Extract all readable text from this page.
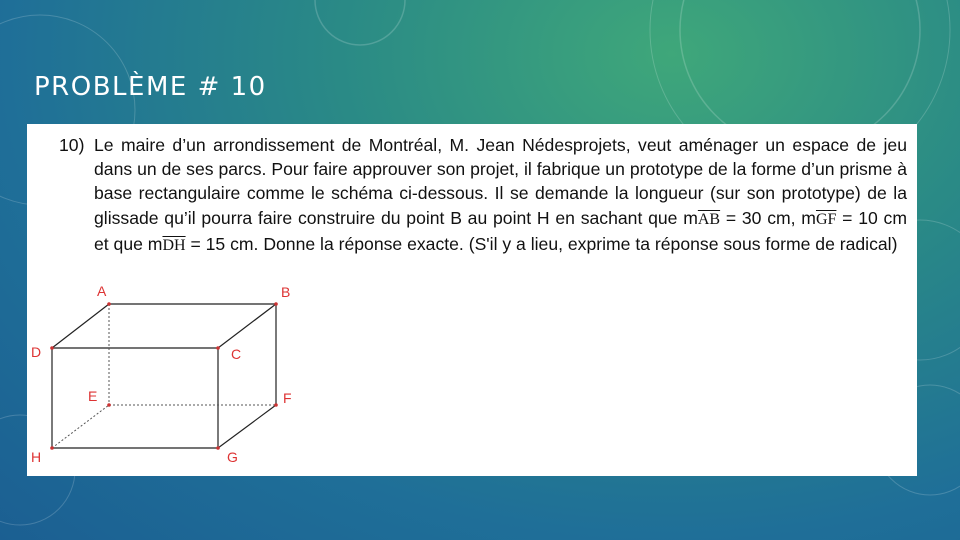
PROBLÈME # 10
10) Le maire d’un arrondissement de Montréal, M. Jean Nédesprojets, veut aménager un espace de jeu dans un de ses parcs. Pour faire approuver son projet, il fabrique un prototype de la forme d’un prisme à base rectangulaire comme le schéma ci-dessous. Il se demande la longueur (sur son prototype) de la glissade qu’il pourra faire construire du point B au point H en sachant que $m\overline{AB} = 30$ cm, $m\overline{GF} = 10$ cm et que $m\overline{DH} = 15$ cm. Donne la réponse exacte. (S'il y a lieu, exprime ta réponse sous forme de radical)
A	B
C
D
E	F
G
H
